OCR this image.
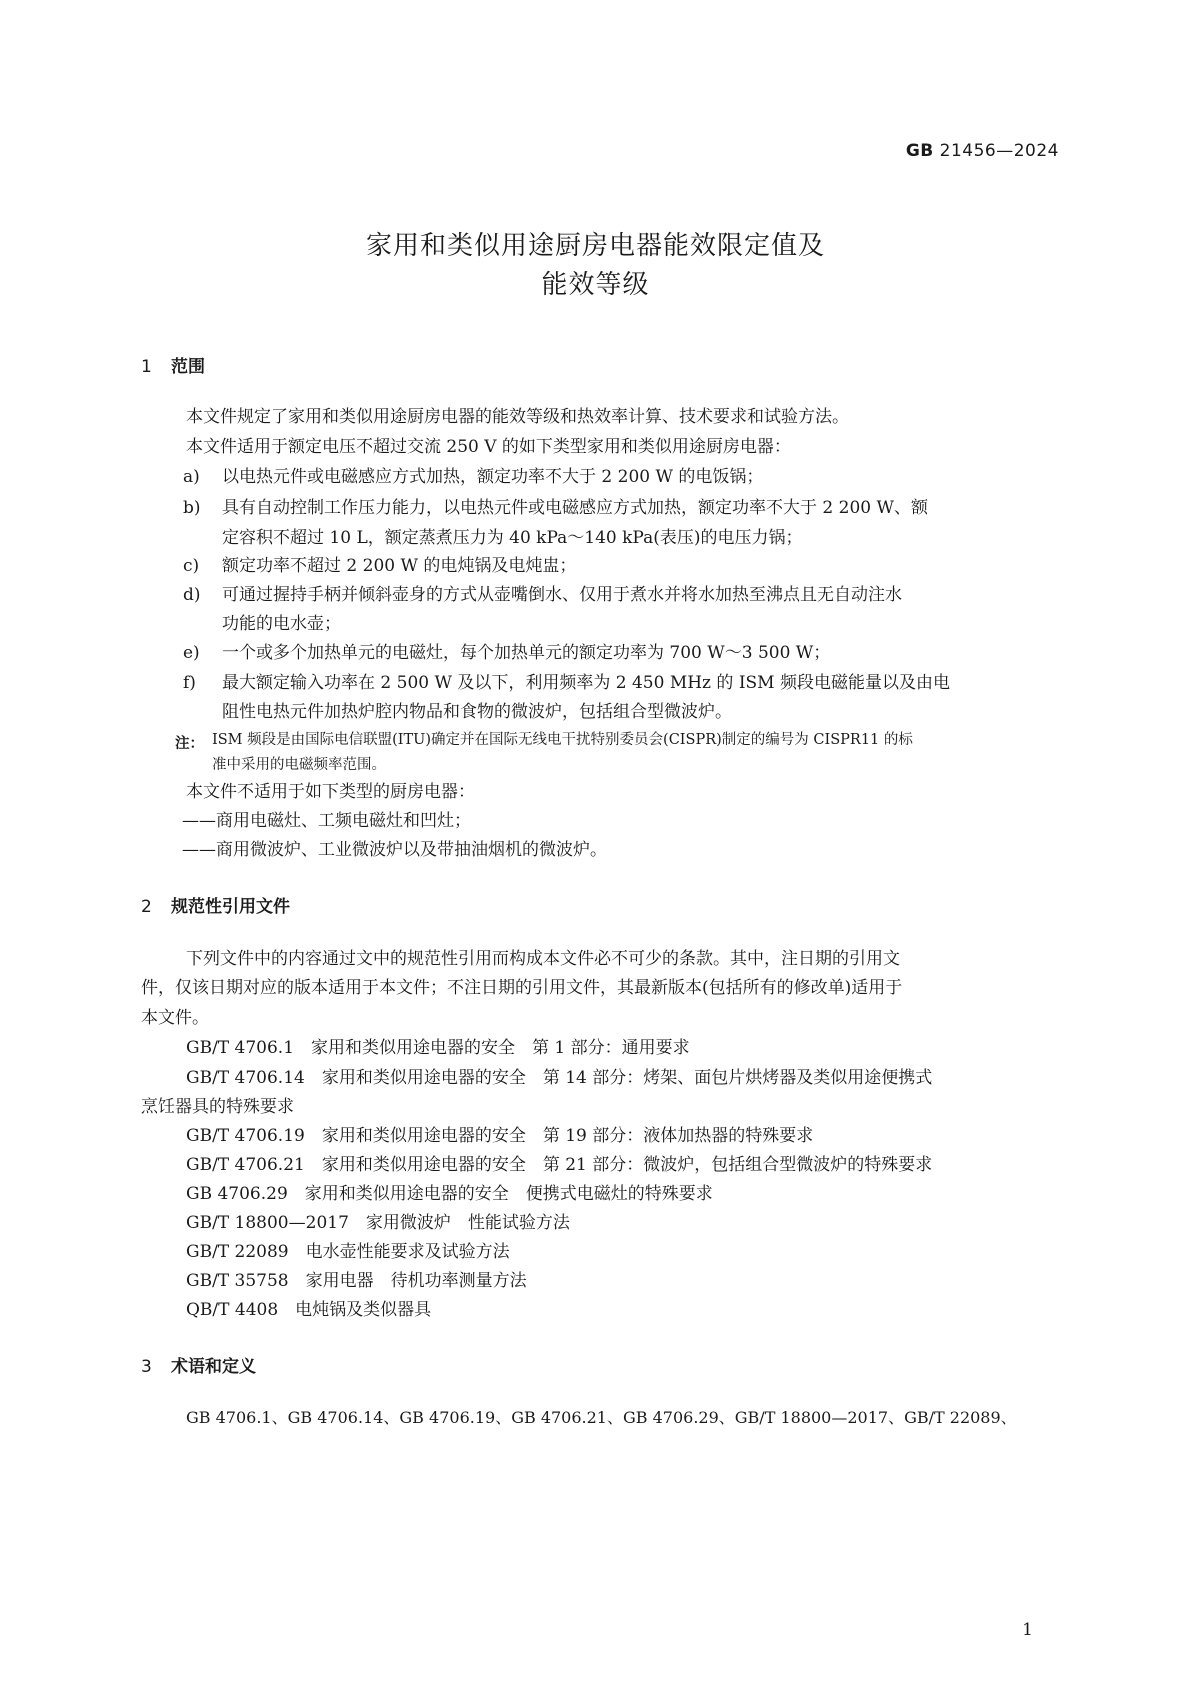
GB 21456—2024
家用和类似用途厨房电器能效限定值及
能效等级
1 范围
本文件规定了家用和类似用途厨房电器的能效等级和热效率计算、技术要求和试验方法。
本文件适用于额定电压不超过交流 250 V 的如下类型家用和类似用途厨房电器：
a) 以电热元件或电磁感应方式加热，额定功率不大于 2 200 W 的电饭锅；
b) 具有自动控制工作压力能力，以电热元件或电磁感应方式加热，额定功率不大于 2 200 W、额
定容积不超过 10 L，额定蒸煮压力为 40 kPa～140 kPa(表压)的电压力锅；
c) 额定功率不超过 2 200 W 的电炖锅及电炖盅；
d) 可通过握持手柄并倾斜壶身的方式从壶嘴倒水、仅用于煮水并将水加热至沸点且无自动注水
功能的电水壶；
e) 一个或多个加热单元的电磁灶，每个加热单元的额定功率为 700 W～3 500 W；
f) 最大额定输入功率在 2 500 W 及以下，利用频率为 2 450 MHz 的 ISM 频段电磁能量以及由电
阻性电热元件加热炉腔内物品和食物的微波炉，包括组合型微波炉。
注： ISM 频段是由国际电信联盟(ITU)确定并在国际无线电干扰特别委员会(CISPR)制定的编号为 CISPR11 的标
准中采用的电磁频率范围。
本文件不适用于如下类型的厨房电器：
——商用电磁灶、工频电磁灶和凹灶；
——商用微波炉、工业微波炉以及带抽油烟机的微波炉。
2 规范性引用文件
下列文件中的内容通过文中的规范性引用而构成本文件必不可少的条款。其中，注日期的引用文
件，仅该日期对应的版本适用于本文件；不注日期的引用文件，其最新版本(包括所有的修改单)适用于
本文件。
GB/T 4706.1　家用和类似用途电器的安全　第 1 部分：通用要求
GB/T 4706.14　家用和类似用途电器的安全　第 14 部分：烤架、面包片烘烤器及类似用途便携式
烹饪器具的特殊要求
GB/T 4706.19　家用和类似用途电器的安全　第 19 部分：液体加热器的特殊要求
GB/T 4706.21　家用和类似用途电器的安全　第 21 部分：微波炉，包括组合型微波炉的特殊要求
GB 4706.29　家用和类似用途电器的安全　便携式电磁灶的特殊要求
GB/T 18800—2017　家用微波炉　性能试验方法
GB/T 22089　电水壶性能要求及试验方法
GB/T 35758　家用电器　待机功率测量方法
QB/T 4408　电炖锅及类似器具
3 术语和定义
GB 4706.1、GB 4706.14、GB 4706.19、GB 4706.21、GB 4706.29、GB/T 18800—2017、GB/T 22089、
1
